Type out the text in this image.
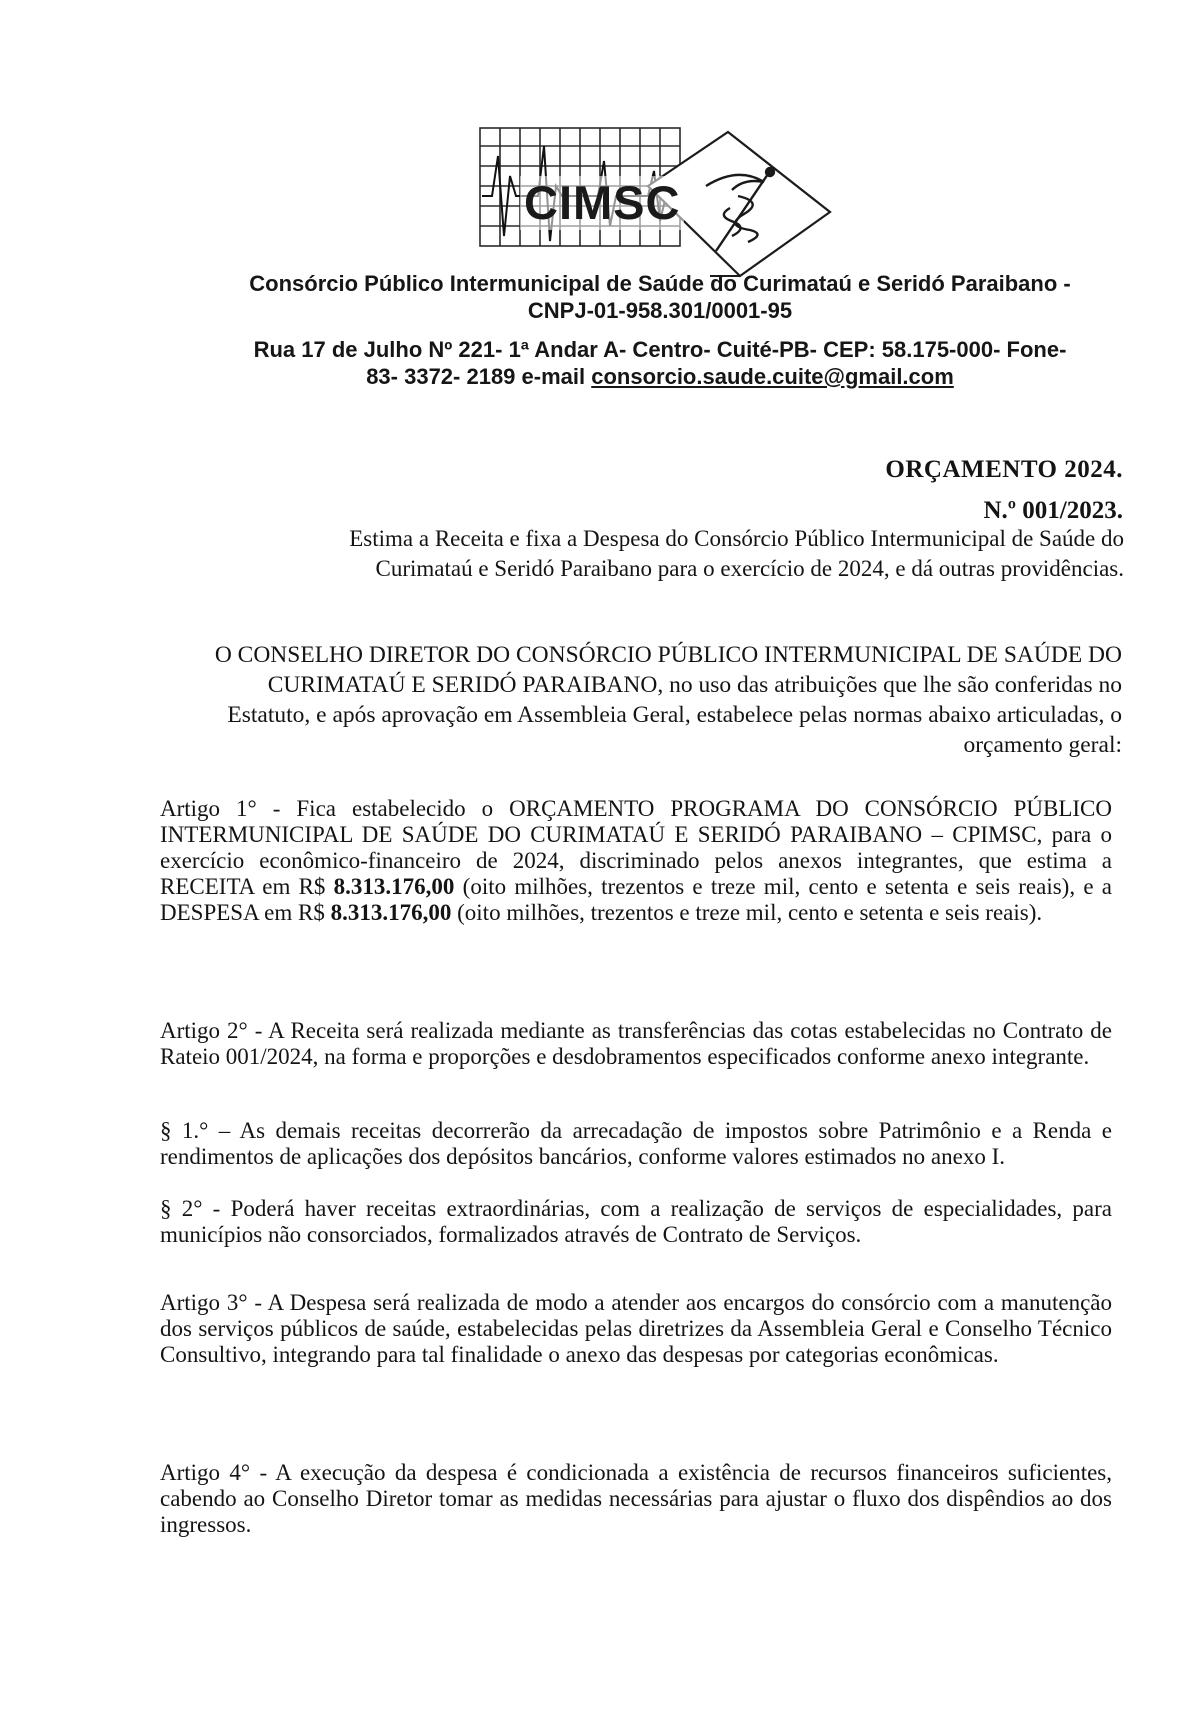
CIMSC
Consórcio Público Intermunicipal de Saúde do Curimataú e Seridó Paraibano -
CNPJ-01-958.301/0001-95
Rua 17 de Julho Nº 221- 1ª Andar A- Centro- Cuité-PB- CEP: 58.175-000- Fone-
83- 3372- 2189 e-mail consorcio.saude.cuite@gmail.com
ORÇAMENTO 2024.
N.º 001/2023.
Estima a Receita e fixa a Despesa do Consórcio Público Intermunicipal de Saúde do Curimataú e Seridó Paraibano para o exercício de 2024, e dá outras providências.
O CONSELHO DIRETOR DO CONSÓRCIO PÚBLICO INTERMUNICIPAL DE SAÚDE DO CURIMATAÚ E SERIDÓ PARAIBANO, no uso das atribuições que lhe são conferidas no Estatuto, e após aprovação em Assembleia Geral, estabelece pelas normas abaixo articuladas, o orçamento geral:
Artigo 1° - Fica estabelecido o ORÇAMENTO PROGRAMA DO CONSÓRCIO PÚBLICO INTERMUNICIPAL DE SAÚDE DO CURIMATAÚ E SERIDÓ PARAIBANO – CPIMSC, para o exercício econômico-financeiro de 2024, discriminado pelos anexos integrantes, que estima a RECEITA em R$ 8.313.176,00 (oito milhões, trezentos e treze mil, cento e setenta e seis reais), e a DESPESA em R$ 8.313.176,00 (oito milhões, trezentos e treze mil, cento e setenta e seis reais).
Artigo 2° - A Receita será realizada mediante as transferências das cotas estabelecidas no Contrato de Rateio 001/2024, na forma e proporções e desdobramentos especificados conforme anexo integrante.
§ 1.° – As demais receitas decorrerão da arrecadação de impostos sobre Patrimônio e a Renda e rendimentos de aplicações dos depósitos bancários, conforme valores estimados no anexo I.
§ 2° - Poderá haver receitas extraordinárias, com a realização de serviços de especialidades, para municípios não consorciados, formalizados através de Contrato de Serviços.
Artigo 3° - A Despesa será realizada de modo a atender aos encargos do consórcio com a manutenção dos serviços públicos de saúde, estabelecidas pelas diretrizes da Assembleia Geral e Conselho Técnico Consultivo, integrando para tal finalidade o anexo das despesas por categorias econômicas.
Artigo 4° - A execução da despesa é condicionada a existência de recursos financeiros suficientes, cabendo ao Conselho Diretor tomar as medidas necessárias para ajustar o fluxo dos dispêndios ao dos ingressos.
